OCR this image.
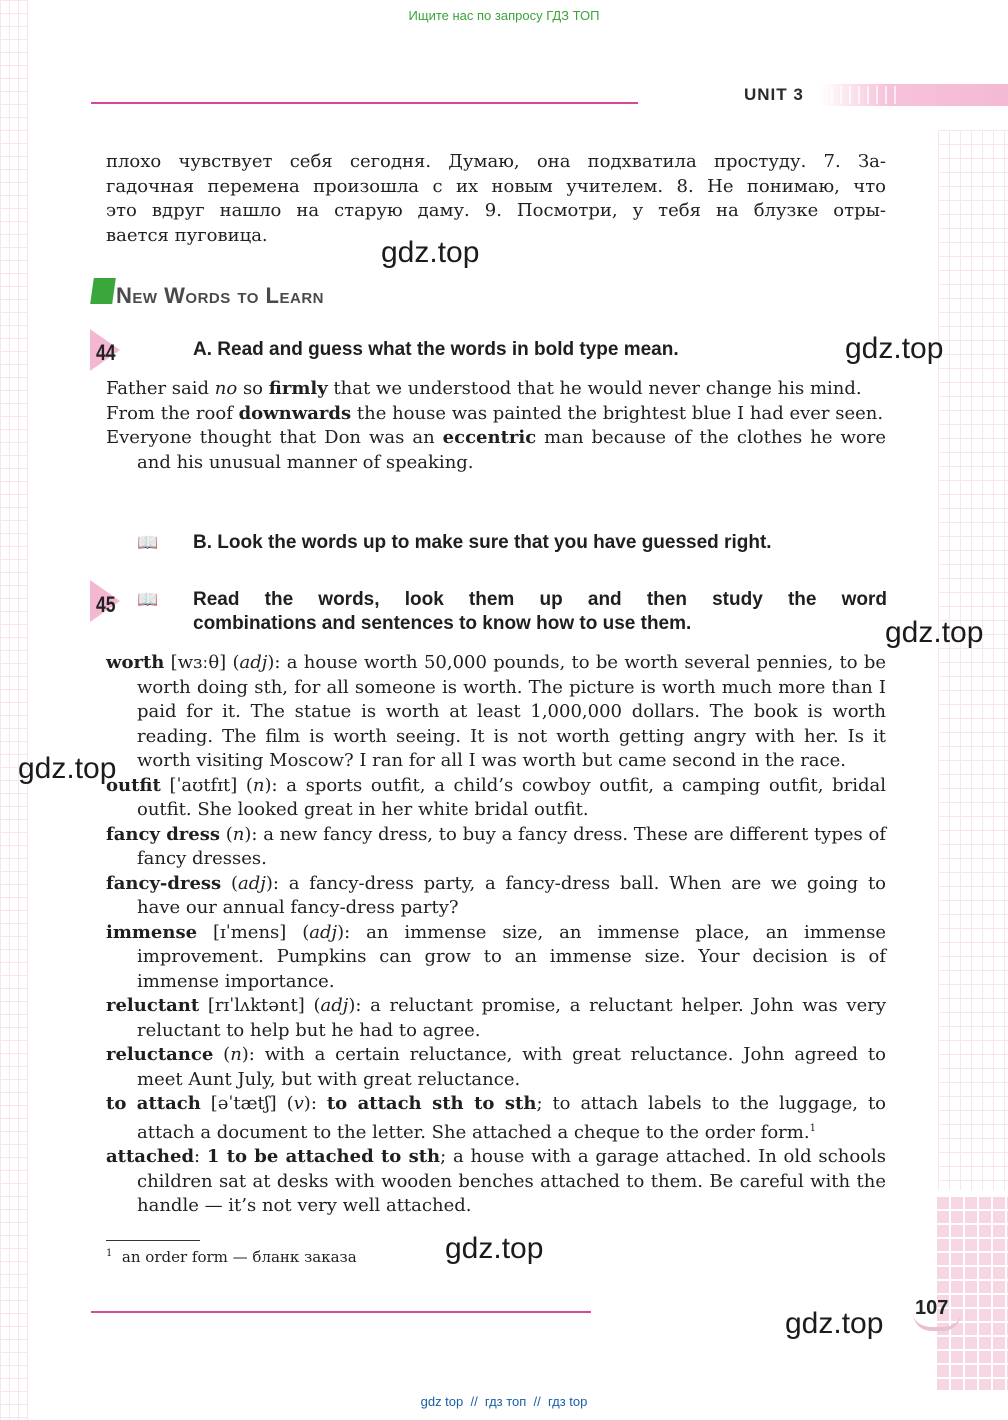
Ищите нас по запросу ГДЗ ТОП
UNIT 3
плохо чувствует себя сегодня. Думаю, она подхватила простуду. 7. За-
гадочная перемена произошла с их новым учителем. 8. Не понимаю, что
это вдруг нашло на старую даму. 9. Посмотри, у тебя на блузке отры-
вается пуговица.
gdz.top
New Words to Learn
44	A. Read and guess what the words in bold type mean.	gdz.top
Father said no so firmly that we understood that he would never change his mind.
From the roof downwards the house was painted the brightest blue I had ever seen.
Everyone thought that Don was an eccentric man because of the clothes he wore and his unusual manner of speaking.
📖 B. Look the words up to make sure that you have guessed right.
45 📖 Read the words, look them up and then study the word
combinations and sentences to know how to use them.	gdz.top
worth [wɜːθ] (adj): a house worth 50,000 pounds, to be worth several pennies, to be worth doing sth, for all someone is worth. The picture is worth much more than I paid for it. The statue is worth at least 1,000,000 dollars. The book is worth reading. The film is worth seeing. It is not worth getting angry with her. Is it worth visiting Moscow? I ran for all I was worth but came second in the race.
outfit [ˈaʊtfɪt] (n): a sports outfit, a child’s cowboy outfit, a camping outfit, bridal outfit. She looked great in her white bridal outfit.
fancy dress (n): a new fancy dress, to buy a fancy dress. These are different types of fancy dresses.
fancy-dress (adj): a fancy-dress party, a fancy-dress ball. When are we going to have our annual fancy-dress party?
immense [ɪˈmens] (adj): an immense size, an immense place, an immense improvement. Pumpkins can grow to an immense size. Your decision is of immense importance.
reluctant [rɪˈlʌktənt] (adj): a reluctant promise, a reluctant helper. John was very reluctant to help but he had to agree.
reluctance (n): with a certain reluctance, with great reluctance. John agreed to meet Aunt July, but with great reluctance.
to attach [əˈtætʃ] (v): to attach sth to sth; to attach labels to the luggage, to attach a document to the letter. She attached a cheque to the order form.$^1$
attached: 1 to be attached to sth; a house with a garage attached. In old schools children sat at desks with wooden benches attached to them. Be careful with the handle — it’s not very well attached.
gdz.top
$^1$ an order form — бланк заказа	gdz.top
107
gdz.top
gdz top  //  гдз топ  //  гдз top
